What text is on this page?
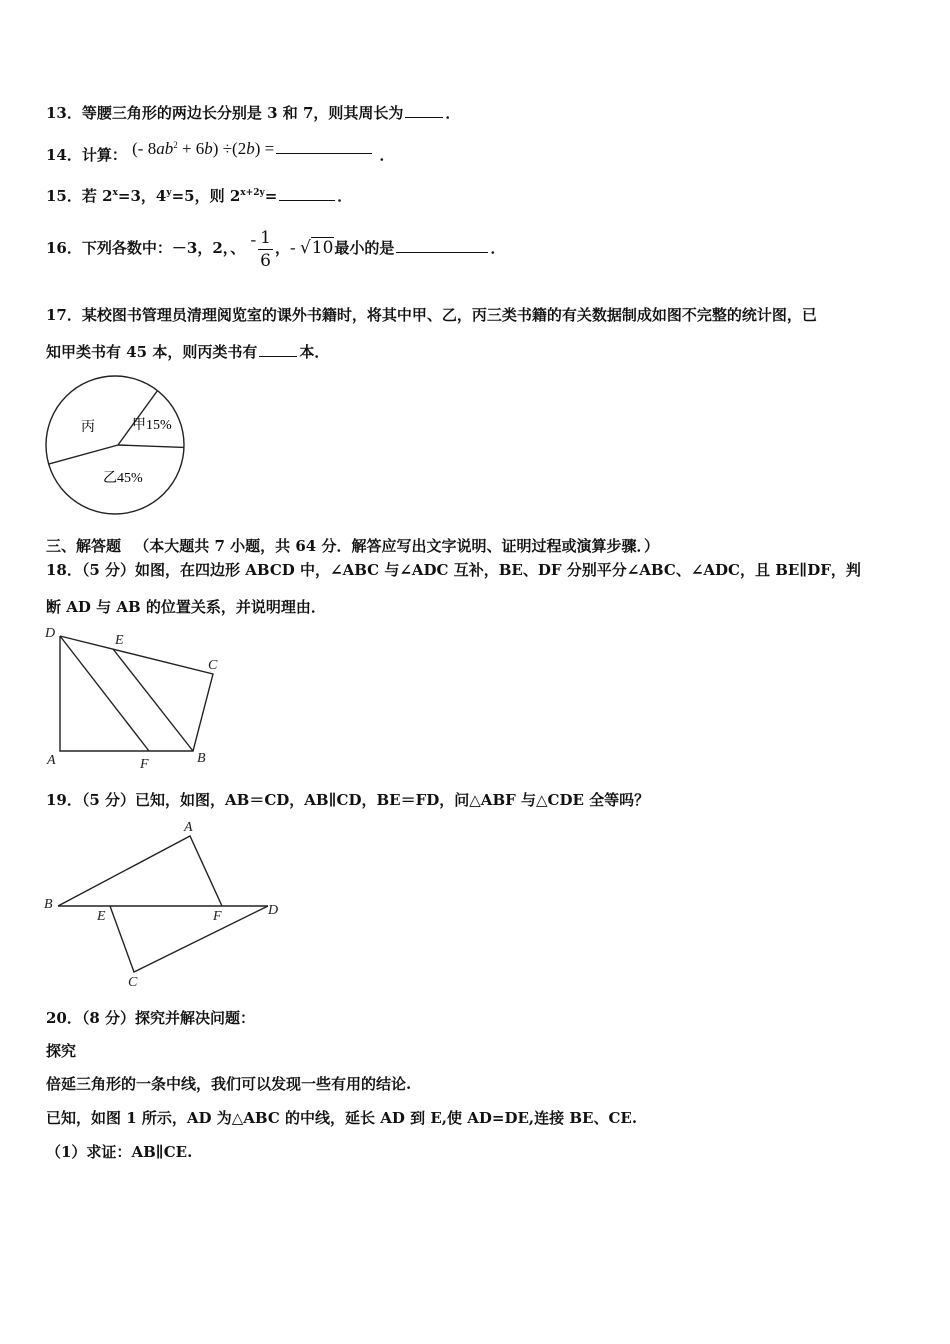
13．等腰三角形的两边长分别是 3 和 7，则其周长为	．
14．计算： (- $8ab^2 + 6b) \div(2b)$ =	．
15．若 $2^x=3$，$4^y=5$，则 $2^{x+2y}=$	．
16．下列各数中：－3，2，、 - $\frac{1}{6}$ ，- √10最小的是	．
17．某校图书管理员清理阅览室的课外书籍时，将其中甲、乙，丙三类书籍的有关数据制成如图不完整的统计图，已
知甲类书有 45 本，则丙类书有	本．
甲15%
乙45%
丙
三、解答题 （本大题共 7 小题，共 64 分．解答应写出文字说明、证明过程或演算步骤．）
18．（5 分）如图，在四边形 ABCD 中，∠ABC 与∠ADC 互补，BE、DF 分别平分∠ABC、∠ADC，且 BE∥DF，判
断 AD 与 AB 的位置关系，并说明理由．
D	E
C
A	F	B
19．（5 分）已知，如图，AB＝CD，AB∥CD，BE＝FD，问△ABF 与△CDE 全等吗？
A
B
E	F	D
C
20．（8 分）探究并解决问题：
探究
倍延三角形的一条中线，我们可以发现一些有用的结论.
已知，如图 1 所示，AD 为△ABC 的中线，延长 AD 到 E,使 AD=DE,连接 BE、CE.
（1）求证：AB∥CE.
